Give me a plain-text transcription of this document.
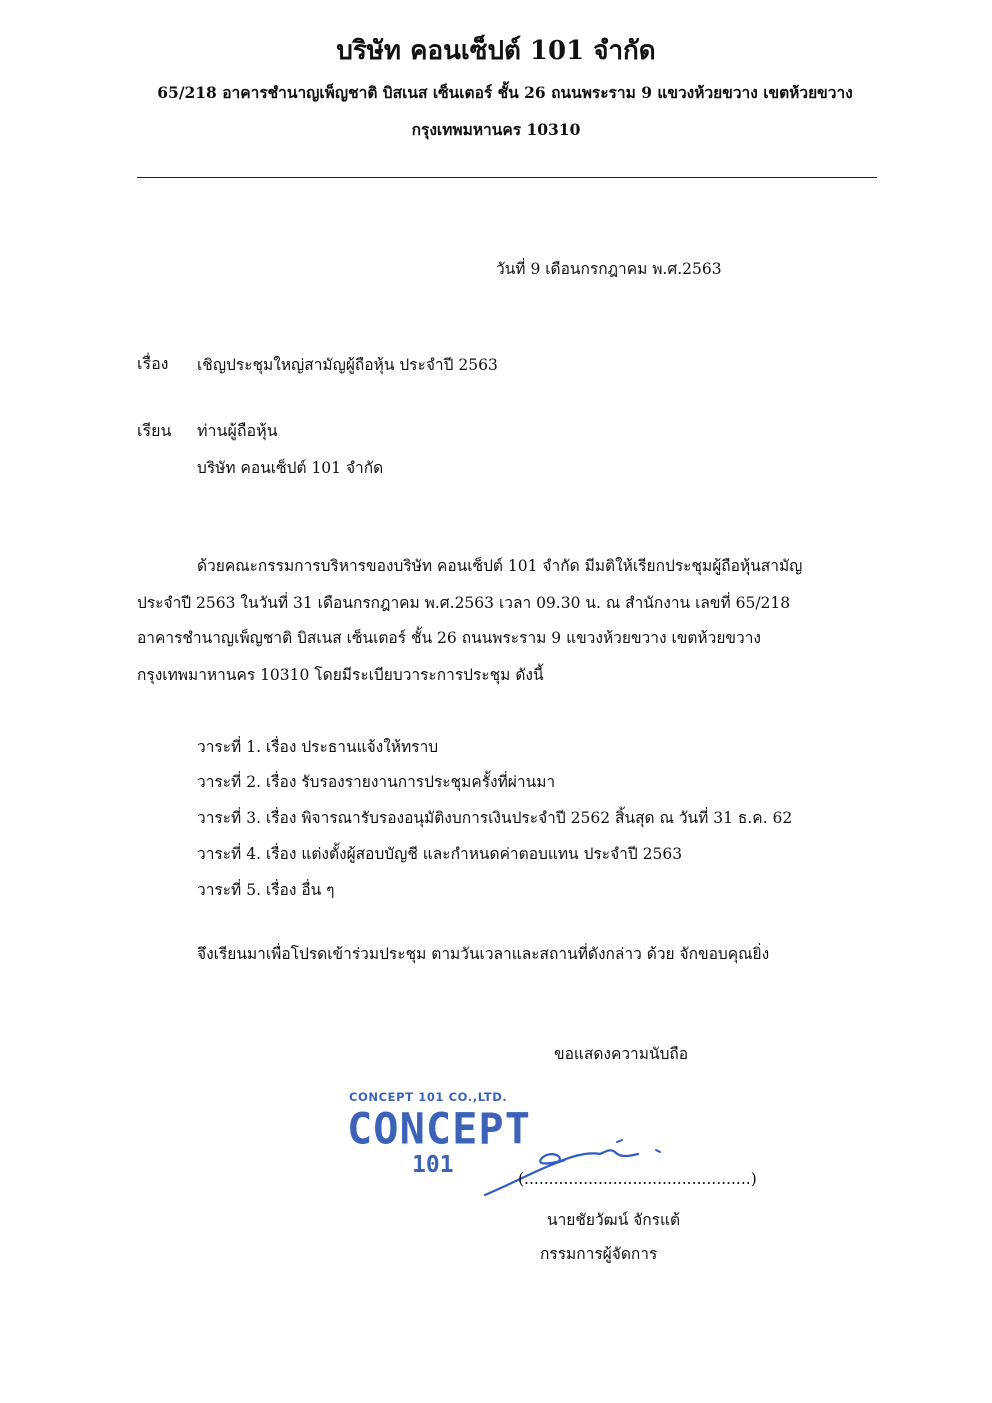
บริษัท คอนเซ็ปต์ 101 จำกัด
65/218 อาคารชำนาญเพ็ญชาติ บิสเนส เซ็นเตอร์ ชั้น 26 ถนนพระราม 9 แขวงห้วยขวาง เขตห้วยขวาง
กรุงเทพมหานคร 10310
วันที่ 9 เดือนกรกฎาคม พ.ศ.2563
เรื่อง เชิญประชุมใหญ่สามัญผู้ถือหุ้น ประจำปี 2563
เรียน ท่านผู้ถือหุ้น
บริษัท คอนเซ็ปต์ 101 จำกัด
ด้วยคณะกรรมการบริหารของบริษัท คอนเซ็ปต์ 101 จำกัด มีมติให้เรียกประชุมผู้ถือหุ้นสามัญ
ประจำปี 2563 ในวันที่ 31 เดือนกรกฎาคม พ.ศ.2563 เวลา 09.30 น. ณ สำนักงาน เลขที่ 65/218
อาคารชำนาญเพ็ญชาติ บิสเนส เซ็นเตอร์ ชั้น 26 ถนนพระราม 9 แขวงห้วยขวาง เขตห้วยขวาง
กรุงเทพมาหานคร 10310 โดยมีระเบียบวาระการประชุม ดังนี้
วาระที่ 1. เรื่อง ประธานแจ้งให้ทราบ
วาระที่ 2. เรื่อง รับรองรายงานการประชุมครั้งที่ผ่านมา
วาระที่ 3. เรื่อง พิจารณารับรองอนุมัติงบการเงินประจำปี 2562 สิ้นสุด ณ วันที่ 31 ธ.ค. 62
วาระที่ 4. เรื่อง แต่งตั้งผู้สอบบัญชี และกำหนดค่าตอบแทน ประจำปี 2563
วาระที่ 5. เรื่อง อื่น ๆ
จึงเรียนมาเพื่อโปรดเข้าร่วมประชุม ตามวันเวลาและสถานที่ดังกล่าว ด้วย จักขอบคุณยิ่ง
ขอแสดงความนับถือ
CONCEPT 101 CO.,LTD.
CONCEPT
101
(..............................................)
นายชัยวัฒน์ จักรแต้
กรรมการผู้จัดการ
